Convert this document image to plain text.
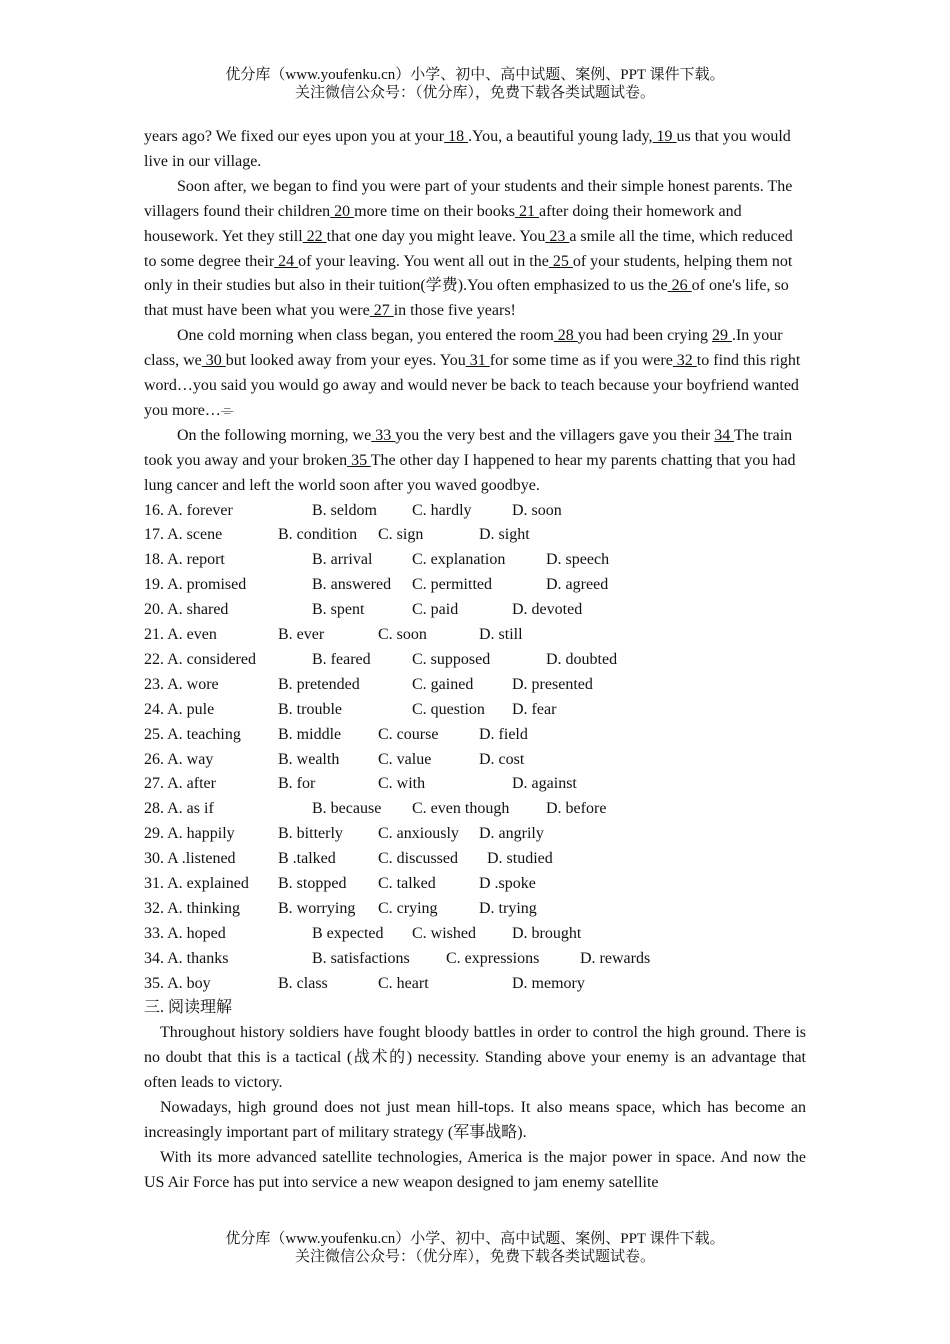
优分库（www.youfenku.cn）小学、初中、高中试题、案例、PPT 课件下载。
关注微信公众号：（优分库），免费下载各类试题试卷。

years ago? We fixed our eyes upon you at your 18 .You, a beautiful young lady, 19 us that you would live in our village.

Soon after, we began to find you were part of your students and their simple honest parents. The villagers found their children 20 more time on their books 21 after doing their homework and housework. Yet they still 22 that one day you might leave. You 23 a smile all the time, which reduced to some degree their 24 of your leaving. You went all out in the 25 of your students, helping them not only in their studies but also in their tuition(学费).You often emphasized to us the 26 of one's life, so that must have been what you were 27 in those five years!

One cold morning when class began, you entered the room 28 you had been crying 29 .In your class, we 30 but looked away from your eyes. You 31 for some time as if you were 32 to find this right word…you said you would go away and would never be back to teach because your boyfriend wanted you more…⌯

On the following morning, we 33 you the very best and the villagers gave you their 34 The train took you away and your broken 35 The other day I happened to hear my parents chatting that you had lung cancer and left the world soon after you waved goodbye.

16. A. forever	B. seldom C. hardly	D. soon
17. A. scene	B. condition C. sign	D. sight
18. A. report	B. arrival C. explanation	D. speech
19. A. promised	B. answered C. permitted	D. agreed
20. A. shared	B. spent	C. paid	D. devoted
21. A. even	B. ever	C. soon	D. still
22. A. considered	B. feared	C. supposed	D. doubted
23. A. wore	B. pretended	C. gained D. presented
24. A. pule	B. trouble	C. question D. fear
25. A. teaching B. middle C. course	D. field
26. A. way	B. wealth C. value	D. cost
27. A. after	B. for	C. with	D. against
28. A. as if	B. because C. even though D. before
29. A. happily	B. bitterly C. anxiously D. angrily
30. A .listened	B .talked	C. discussed D. studied
31. A. explained B. stopped C. talked	D .spoke
32. A. thinking B. worrying C. crying	D. trying
33. A. hoped	B expected C. wished D. brought
34. A. thanks	B. satisfactions C. expressions	D. rewards
35. A. boy	B. class	C. heart	D. memory

三. 阅读理解

Throughout history soldiers have fought bloody battles in order to control the high ground. There is no doubt that this is a tactical (战术的) necessity. Standing above your enemy is an advantage that often leads to victory.

Nowadays, high ground does not just mean hill-tops. It also means space, which has become an increasingly important part of military strategy (军事战略).

With its more advanced satellite technologies, America is the major power in space. And now the US Air Force has put into service a new weapon designed to jam enemy satellite

优分库（www.youfenku.cn）小学、初中、高中试题、案例、PPT 课件下载。
关注微信公众号：（优分库），免费下载各类试题试卷。
